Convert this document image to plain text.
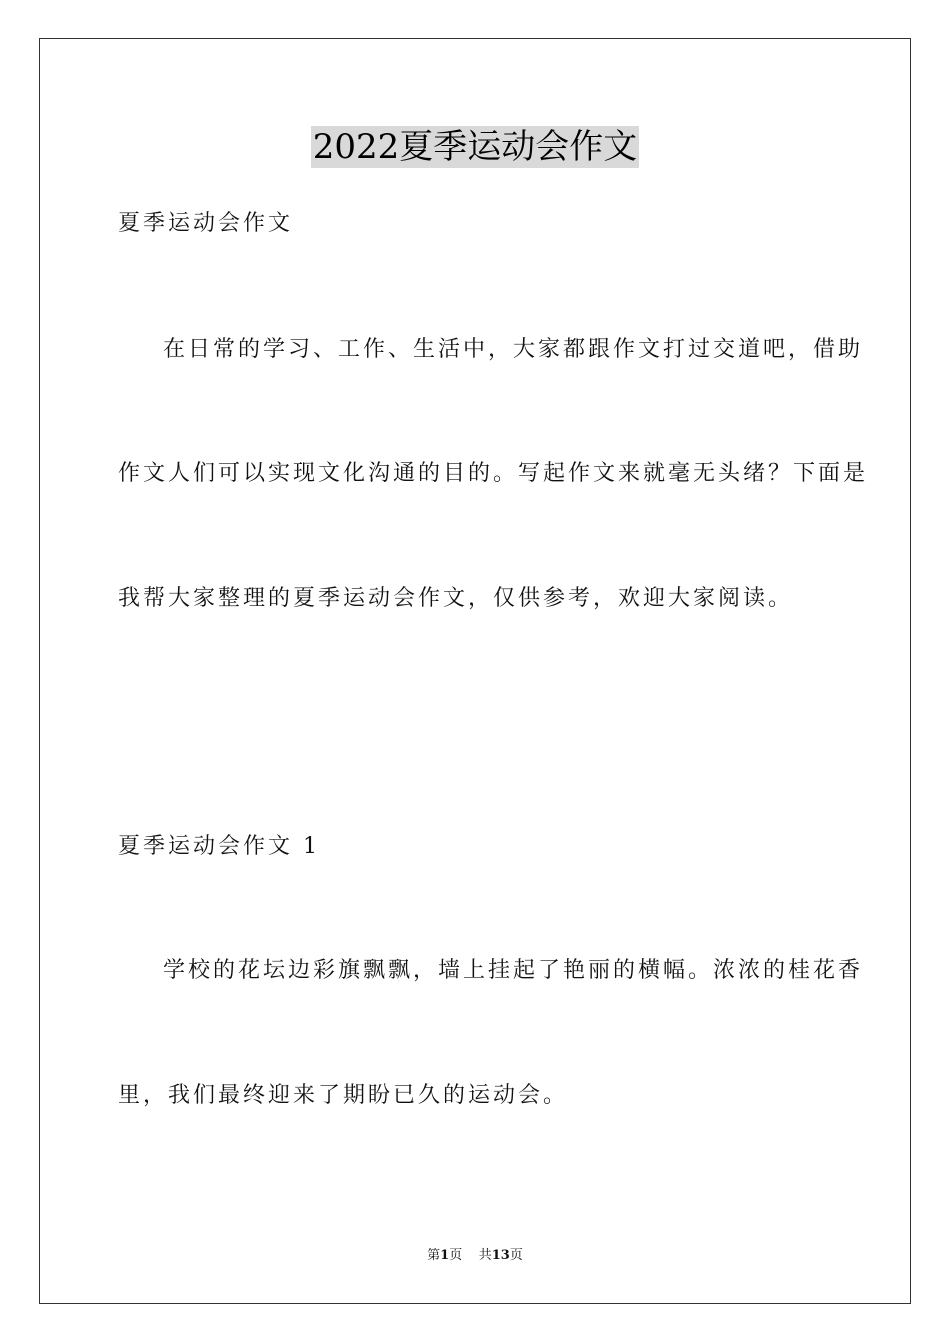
2022夏季运动会作文
夏季运动会作文
在日常的学习、工作、生活中，大家都跟作文打过交道吧，借助
作文人们可以实现文化沟通的目的。写起作文来就毫无头绪？下面是
我帮大家整理的夏季运动会作文，仅供参考，欢迎大家阅读。
夏季运动会作文 1
学校的花坛边彩旗飘飘，墙上挂起了艳丽的横幅。浓浓的桂花香
里，我们最终迎来了期盼已久的运动会。
第1页 共13页
